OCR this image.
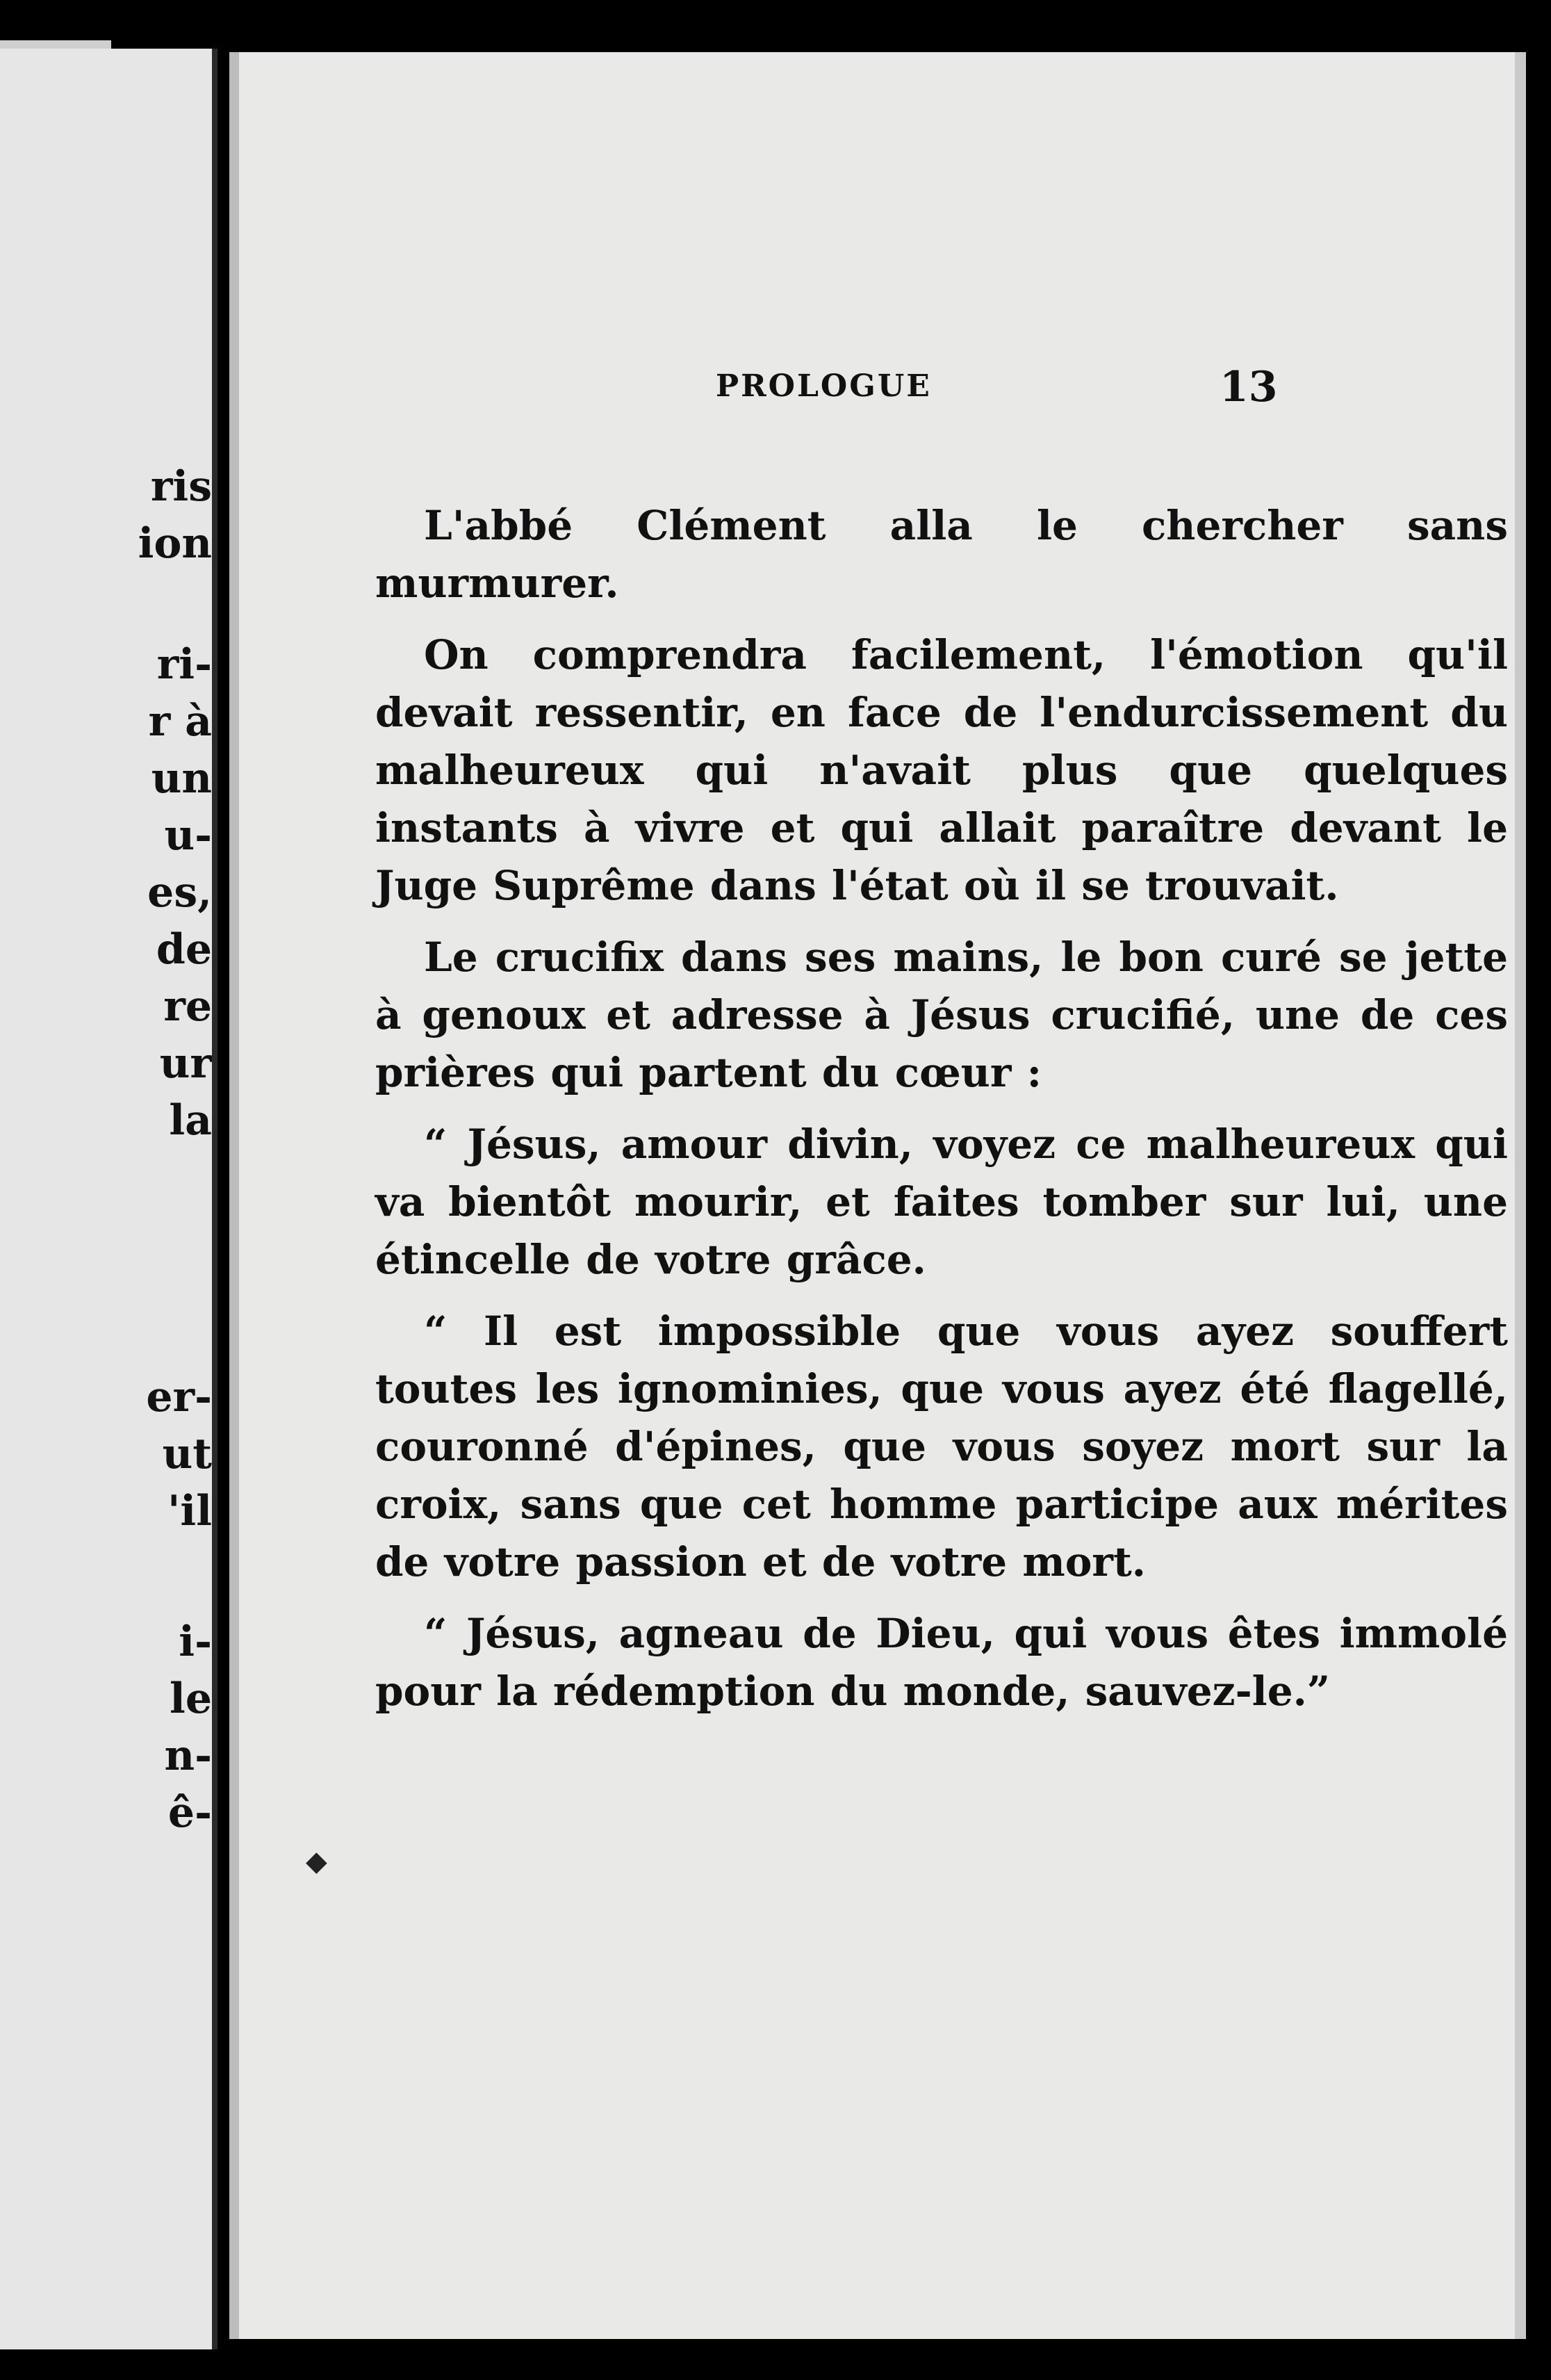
ris
ion
ri-
r à
un
u-
es,
de
re
ur
la
er-
ut
'il
i-
le
n-
ê-
PROLOGUE	13

L'abbé Clément alla le chercher sans murmurer.

On comprendra facilement, l'émotion qu'il devait ressentir, en face de l'endurcissement du malheureux qui n'avait plus que quelques instants à vivre et qui allait paraître devant le Juge Suprême dans l'état où il se trouvait.

Le crucifix dans ses mains, le bon curé se jette à genoux et adresse à Jésus crucifié, une de ces prières qui partent du cœur :

“ Jésus, amour divin, voyez ce malheureux qui va bientôt mourir, et faites tomber sur lui, une étincelle de votre grâce.

“ Il est impossible que vous ayez souffert toutes les ignominies, que vous ayez été flagellé, couronné d'épines, que vous soyez mort sur la croix, sans que cet homme participe aux mérites de votre passion et de votre mort.

“ Jésus, agneau de Dieu, qui vous êtes immolé pour la rédemption du monde, sauvez-le.”

◆
